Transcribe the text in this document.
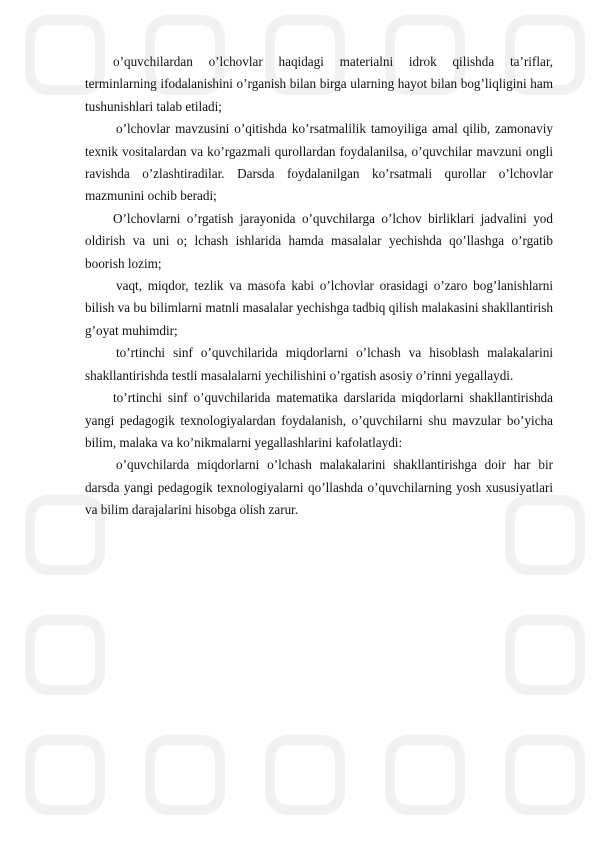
o’quvchilardan o’lchovlar haqidagi materialni idrok qilishda ta’riflar, terminlarning ifodalanishini o’rganish bilan birga ularning hayot bilan bog’liqligini ham tushunishlari talab etiladi;

o’lchovlar mavzusini o’qitishda ko’rsatmalilik tamoyiliga amal qilib, zamonaviy texnik vositalardan va ko’rgazmali qurollardan foydalanilsa, o’quvchilar mavzuni ongli ravishda o’zlashtiradilar. Darsda foydalanilgan ko’rsatmali qurollar o’lchovlar mazmunini ochib beradi;

O’lchovlarni o’rgatish jarayonida o’quvchilarga o’lchov birliklari jadvalini yod oldirish va uni o; lchash ishlarida hamda masalalar yechishda qo’llashga o’rgatib boorish lozim;

vaqt, miqdor, tezlik va masofa kabi o’lchovlar orasidagi o’zaro bog’lanishlarni bilish va bu bilimlarni matnli masalalar yechishga tadbiq qilish malakasini shakllantirish g’oyat muhimdir;

to’rtinchi sinf o’quvchilarida miqdorlarni o’lchash va hisoblash malakalarini shakllantirishda testli masalalarni yechilishini o’rgatish asosiy o’rinni yegallaydi.

to’rtinchi sinf o’quvchilarida matematika darslarida miqdorlarni shakllantirishda yangi pedagogik texnologiyalardan foydalanish, o’quvchilarni shu mavzular bo’yicha bilim, malaka va ko’nikmalarni yegallashlarini kafolatlaydi:

o’quvchilarda miqdorlarni o’lchash malakalarini shakllantirishga doir har bir darsda yangi pedagogik texnologiyalarni qo’llashda o’quvchilarning yosh xususiyatlari va bilim darajalarini hisobga olish zarur.
